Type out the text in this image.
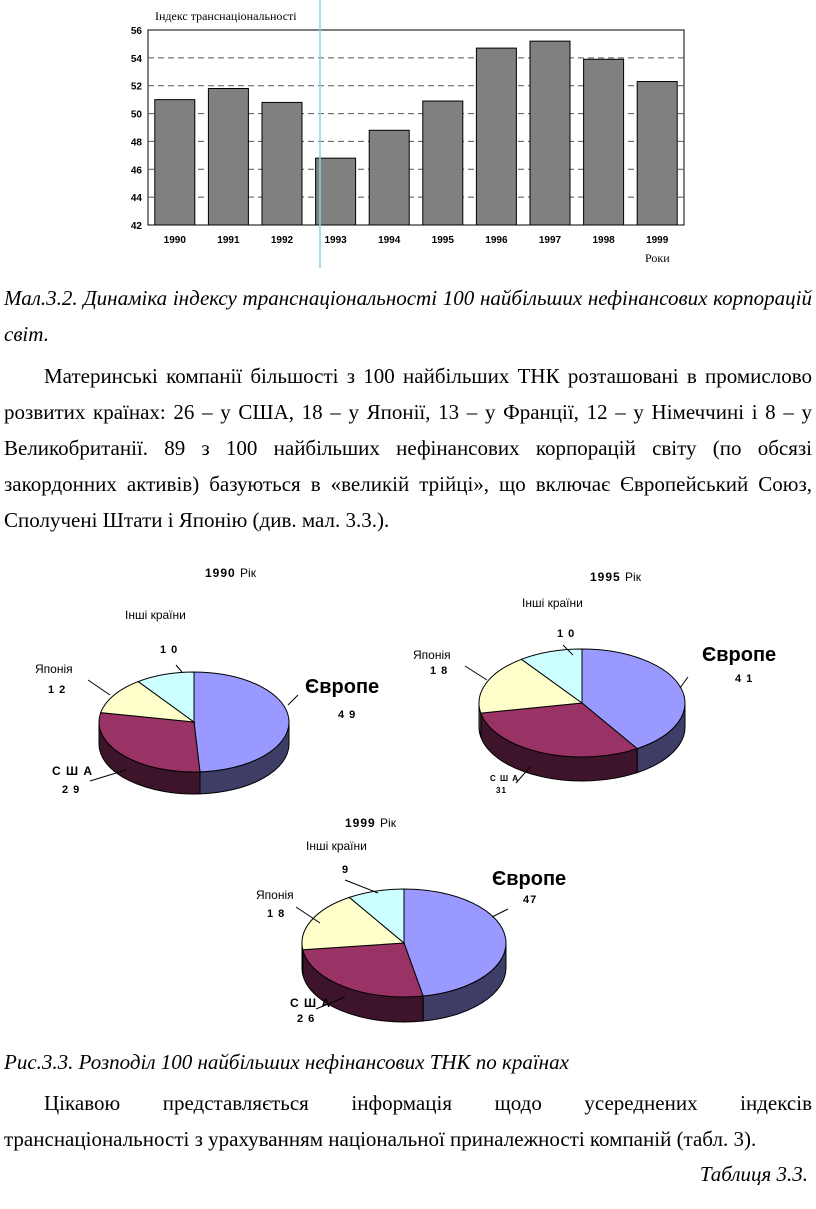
42
44
46
48
50
52
54
56
1990	1991	1992	1993	1994	1995	1996	1997	1998	1999
Індекс транснаціональності
Роки
Мал.3.2. Динаміка індексу транснаціональності 100 найбільших нефінансових корпорацій світ.
Материнські компанії більшості з 100 найбільших ТНК розташовані в промислово розвитих країнах: 26 – у США, 18 – у Японії, 13 – у Франції, 12 – у Німеччині і 8 – у Великобританії. 89 з 100 найбільших нефінансових корпорацій світу (по обсязі закордонних активів) базуються в «великій трійці», що включає Європейський Союз, Сполучені Штати і Японію (див. мал. 3.3.).
1990 Рік
Європе
4 9
С Ш А
2 9
Японія
1 2
Інші країни
1 0
1995 Рік
Європе
4 1
С Ш А
31
Японія
1 8
Інші країни
1 0
1999 Рік
Європе
47
С Ш А
2 6
Японія
1 8
Інші країни
9
Рис.3.3. Розподіл 100 найбільших нефінансових ТНК по країнах
Цікавою представляється інформація щодо усереднених індексів транснаціональності з урахуванням національної приналежності компаній (табл. 3).
Таблиця 3.3.
